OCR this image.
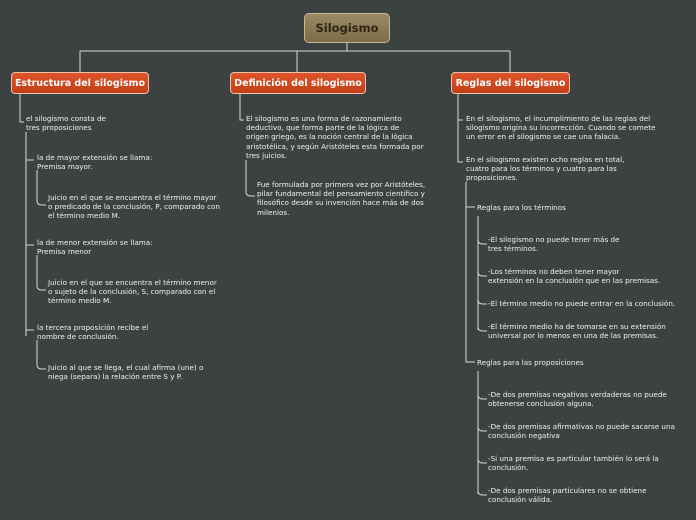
Silogismo
Estructura del silogismo	Definición del silogismo	Reglas del silogismo
el silogismo consta de
tres proposiciones
la de mayor extensión se llama:
Premisa mayor.
Juicio en el que se encuentra el término mayor
o predicado de la conclusión, P, comparado con
el término medio M.
la de menor extensión se llama:
Premisa menor
Juicio en el que se encuentra el término menor
o sujeto de la conclusión, S, comparado con el
término medio M.
la tercera proposición recibe el
nombre de conclusión.
Juicio al que se llega, el cual afirma (une) o
niega (separa) la relación entre S y P.
El silogismo es una forma de razonamiento
deductivo, que forma parte de la lógica de
origen griego, es la noción central de la lógica
aristotélica, y según Aristóteles esta formada por
tres juicios.
Fue formulada por primera vez por Aristóteles,
pilar fundamental del pensamiento científico y
filosófico desde su invención hace más de dos
milenios.
En el silogismo, el incumplimiento de las reglas del
silogismo origina su incorrección. Cuando se comete
un error en el silogismo se cae una falacia.
En el silogismo existen ocho reglas en total,
cuatro para los términos y cuatro para las
proposiciones.
Reglas para los términos
-El silogismo no puede tener más de
tres términos.
-Los términos no deben tener mayor
extensión en la conclusión que en las premisas.
-El término medio no puede entrar en la conclusión.
-El término medio ha de tomarse en su extensión
universal por lo menos en una de las premisas.
Reglas para las proposiciones
-De dos premisas negativas verdaderas no puede
obtenerse conclusión alguna.
-De dos premisas afirmativas no puede sacarse una
conclusión negativa
-Si una premisa es particular también lo será la
conclusión.
-De dos premisas particulares no se obtiene
conclusión válida.
